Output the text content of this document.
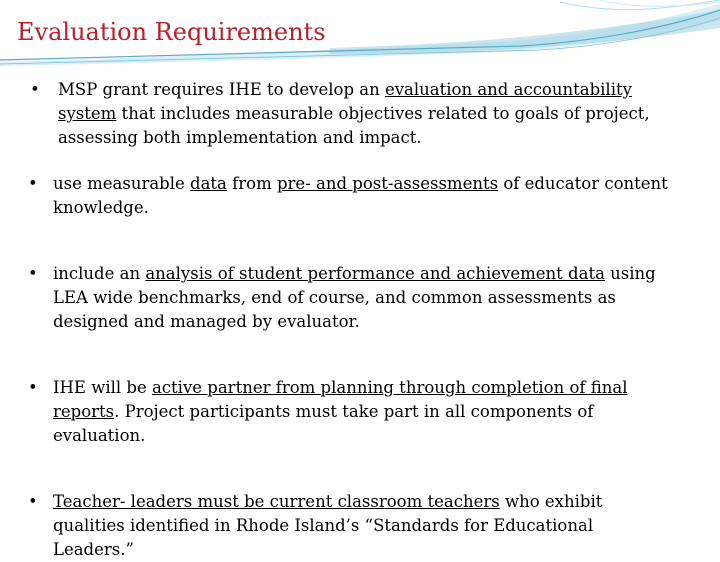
Evaluation Requirements

• MSP grant requires IHE to develop an evaluation and accountability system that includes measurable objectives related to goals of project, assessing both implementation and impact.

• use measurable data from pre- and post-assessments of educator content knowledge.

• include an analysis of student performance and achievement data using LEA wide benchmarks, end of course, and common assessments as designed and managed by evaluator.

• IHE will be active partner from planning through completion of final reports. Project participants must take part in all components of evaluation.

• Teacher- leaders must be current classroom teachers who exhibit qualities identified in Rhode Island’s “Standards for Educational Leaders.”
